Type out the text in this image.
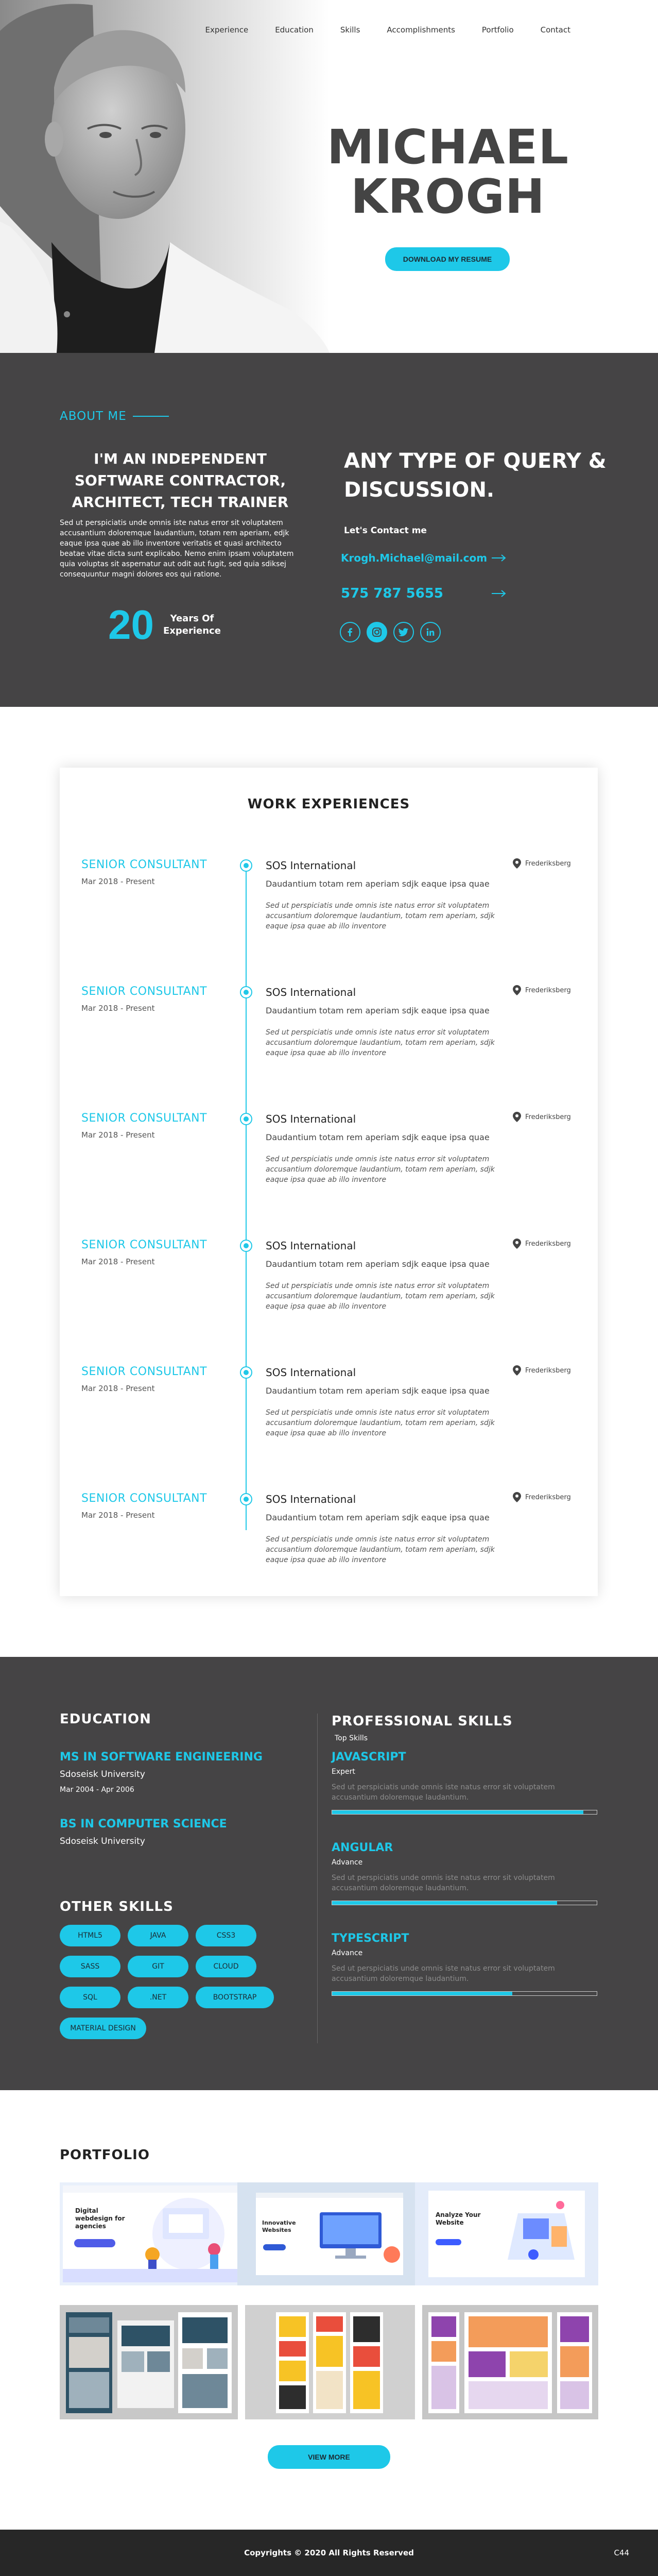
Experience	Education	Skills	Accomplishments	Portfolio	Contact
MICHAEL
KROGH
DOWNLOAD MY RESUME
ABOUT ME
I'M AN INDEPENDENT SOFTWARE CONTRACTOR, ARCHITECT, TECH TRAINER

Sed ut perspiciatis unde omnis iste natus error sit voluptatem accusantium doloremque laudantium, totam rem aperiam, edjk eaque ipsa quae ab illo inventore veritatis et quasi architecto beatae vitae dicta sunt explicabo. Nemo enim ipsam voluptatem quia voluptas sit aspernatur aut odit aut fugit, sed quia sdiksej consequuntur magni dolores eos qui ratione.

20	Years Of
Experience
ANY TYPE OF QUERY & DISCUSSION.
Let's Contact me
Krogh.Michael@mail.com
575 787 5655
WORK EXPERIENCES
SENIOR CONSULTANT
Mar 2018 - Present
SOS International
Daudantium totam rem aperiam sdjk eaque ipsa quae
Sed ut perspiciatis unde omnis iste natus error sit voluptatem accusantium doloremque laudantium, totam rem aperiam, sdjk eaque ipsa quae ab illo inventore
Frederiksberg
SENIOR CONSULTANT
Mar 2018 - Present
SOS International
Daudantium totam rem aperiam sdjk eaque ipsa quae
Sed ut perspiciatis unde omnis iste natus error sit voluptatem accusantium doloremque laudantium, totam rem aperiam, sdjk eaque ipsa quae ab illo inventore
Frederiksberg
SENIOR CONSULTANT
Mar 2018 - Present
SOS International
Daudantium totam rem aperiam sdjk eaque ipsa quae
Sed ut perspiciatis unde omnis iste natus error sit voluptatem accusantium doloremque laudantium, totam rem aperiam, sdjk eaque ipsa quae ab illo inventore
Frederiksberg
SENIOR CONSULTANT
Mar 2018 - Present
SOS International
Daudantium totam rem aperiam sdjk eaque ipsa quae
Sed ut perspiciatis unde omnis iste natus error sit voluptatem accusantium doloremque laudantium, totam rem aperiam, sdjk eaque ipsa quae ab illo inventore
Frederiksberg
SENIOR CONSULTANT
Mar 2018 - Present
SOS International
Daudantium totam rem aperiam sdjk eaque ipsa quae
Sed ut perspiciatis unde omnis iste natus error sit voluptatem accusantium doloremque laudantium, totam rem aperiam, sdjk eaque ipsa quae ab illo inventore
Frederiksberg
SENIOR CONSULTANT
Mar 2018 - Present
SOS International
Daudantium totam rem aperiam sdjk eaque ipsa quae
Sed ut perspiciatis unde omnis iste natus error sit voluptatem accusantium doloremque laudantium, totam rem aperiam, sdjk eaque ipsa quae ab illo inventore
Frederiksberg
EDUCATION
MS IN SOFTWARE ENGINEERING
Sdoseisk University
Mar 2004 - Apr 2006
BS IN COMPUTER SCIENCE
Sdoseisk University
OTHER SKILLS
HTML5	JAVA	CSS3
SASS	GIT	CLOUD
SQL	.NET	BOOTSTRAP
MATERIAL DESIGN
PROFESSIONAL SKILLS
Top Skills
JAVASCRIPT
Expert
Sed ut perspiciatis unde omnis iste natus error sit voluptatem accusantium doloremque laudantium.
ANGULAR
Advance
Sed ut perspiciatis unde omnis iste natus error sit voluptatem accusantium doloremque laudantium.
TYPESCRIPT
Advance
Sed ut perspiciatis unde omnis iste natus error sit voluptatem accusantium doloremque laudantium.
PORTFOLIO
Digital webdesign for agencies	Innovative Websites
Analyze Your Website
VIEW MORE
Copyrights © 2020 All Rights Reserved	C44
